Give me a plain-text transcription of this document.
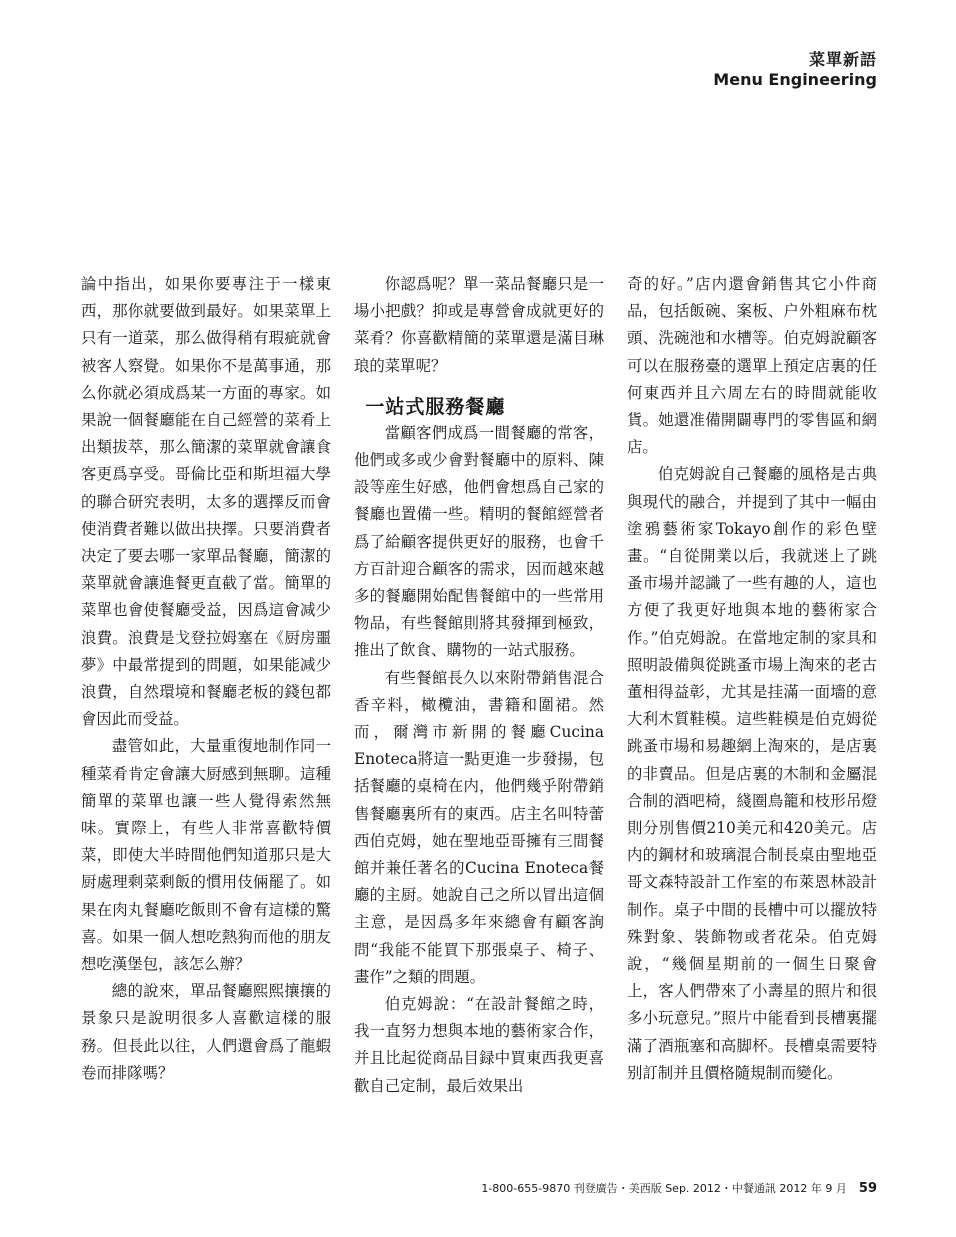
菜單新語
Menu Engineering

論中指出，如果你要專注于一樣東西，那你就要做到最好。如果菜單上只有一道菜，那么做得稍有瑕疵就會被客人察覺。如果你不是萬事通，那么你就必須成爲某一方面的專家。如果說一個餐廳能在自己經營的菜肴上出類拔萃，那么簡潔的菜單就會讓食客更爲享受。哥倫比亞和斯坦福大學的聯合研究表明，太多的選擇反而會使消費者難以做出抉擇。只要消費者决定了要去哪一家單品餐廳，簡潔的菜單就會讓進餐更直截了當。簡單的菜單也會使餐廳受益，因爲這會减少浪費。浪費是戈登拉姆塞在《厨房噩夢》中最常提到的問題，如果能减少浪費，自然環境和餐廳老板的錢包都會因此而受益。

盡管如此，大量重復地制作同一種菜肴肯定會讓大厨感到無聊。這種簡單的菜單也讓一些人覺得索然無味。實際上，有些人非常喜歡特價菜，即使大半時間他們知道那只是大厨處理剩菜剩飯的慣用伎倆罷了。如果在肉丸餐廳吃飯則不會有這樣的驚喜。如果一個人想吃熱狗而他的朋友想吃漢堡包，該怎么辦？

總的說來，單品餐廳熙熙攘攘的景象只是說明很多人喜歡這樣的服務。但長此以往，人們還會爲了龍蝦卷而排隊嗎？

你認爲呢？單一菜品餐廳只是一場小把戲？抑或是專營會成就更好的菜肴？你喜歡精簡的菜單還是滿目琳琅的菜單呢？

一站式服務餐廳

當顧客們成爲一間餐廳的常客，他們或多或少會對餐廳中的原料、陳設等産生好感，他們會想爲自己家的餐廳也置備一些。精明的餐館經營者爲了給顧客提供更好的服務，也會千方百計迎合顧客的需求，因而越來越多的餐廳開始配售餐館中的一些常用物品，有些餐館則將其發揮到極致，推出了飲食、購物的一站式服務。

有些餐館長久以來附帶銷售混合香辛料，橄欖油，書籍和圍裙。然而，爾灣市新開的餐廳Cucina Enoteca將這一點更進一步發揚，包括餐廳的桌椅在内，他們幾乎附帶銷售餐廳裏所有的東西。店主名叫特蕾西伯克姆，她在聖地亞哥擁有三間餐館并兼任著名的Cucina Enoteca餐廳的主厨。她說自己之所以冒出這個主意，是因爲多年來總會有顧客詢問“我能不能買下那張桌子、椅子、畫作”之類的問題。

伯克姆說：“在設計餐館之時，我一直努力想與本地的藝術家合作，并且比起從商品目録中買東西我更喜歡自己定制，最后效果出

奇的好。”店内還會銷售其它小件商品，包括飯碗、案板、户外粗麻布枕頭、洗碗池和水槽等。伯克姆說顧客可以在服務臺的選單上預定店裏的任何東西并且六周左右的時間就能收貨。她還准備開闢專門的零售區和網店。

伯克姆說自己餐廳的風格是古典與現代的融合，并提到了其中一幅由塗鴉藝術家Tokayo創作的彩色壁畫。“自從開業以后，我就迷上了跳蚤市場并認識了一些有趣的人，這也方便了我更好地與本地的藝術家合作。”伯克姆說。在當地定制的家具和照明設備與從跳蚤市場上淘來的老古董相得益彰，尤其是挂滿一面墻的意大利木質鞋模。這些鞋模是伯克姆從跳蚤市場和易趣網上淘來的，是店裏的非賣品。但是店裏的木制和金屬混合制的酒吧椅，綫圈鳥籠和枝形吊燈則分別售價210美元和420美元。店内的鋼材和玻璃混合制長桌由聖地亞哥文森特設計工作室的布萊恩林設計制作。桌子中間的長槽中可以擺放特殊對象、裝飾物或者花朵。伯克姆說，“幾個星期前的一個生日聚會上，客人們帶來了小壽星的照片和很多小玩意兒。”照片中能看到長槽裏擺滿了酒瓶塞和高脚杯。長槽桌需要特别訂制并且價格隨規制而變化。

1-800-655-9870 刊登廣告・美西版 Sep. 2012・中餐通訊 2012 年 9 月 59
